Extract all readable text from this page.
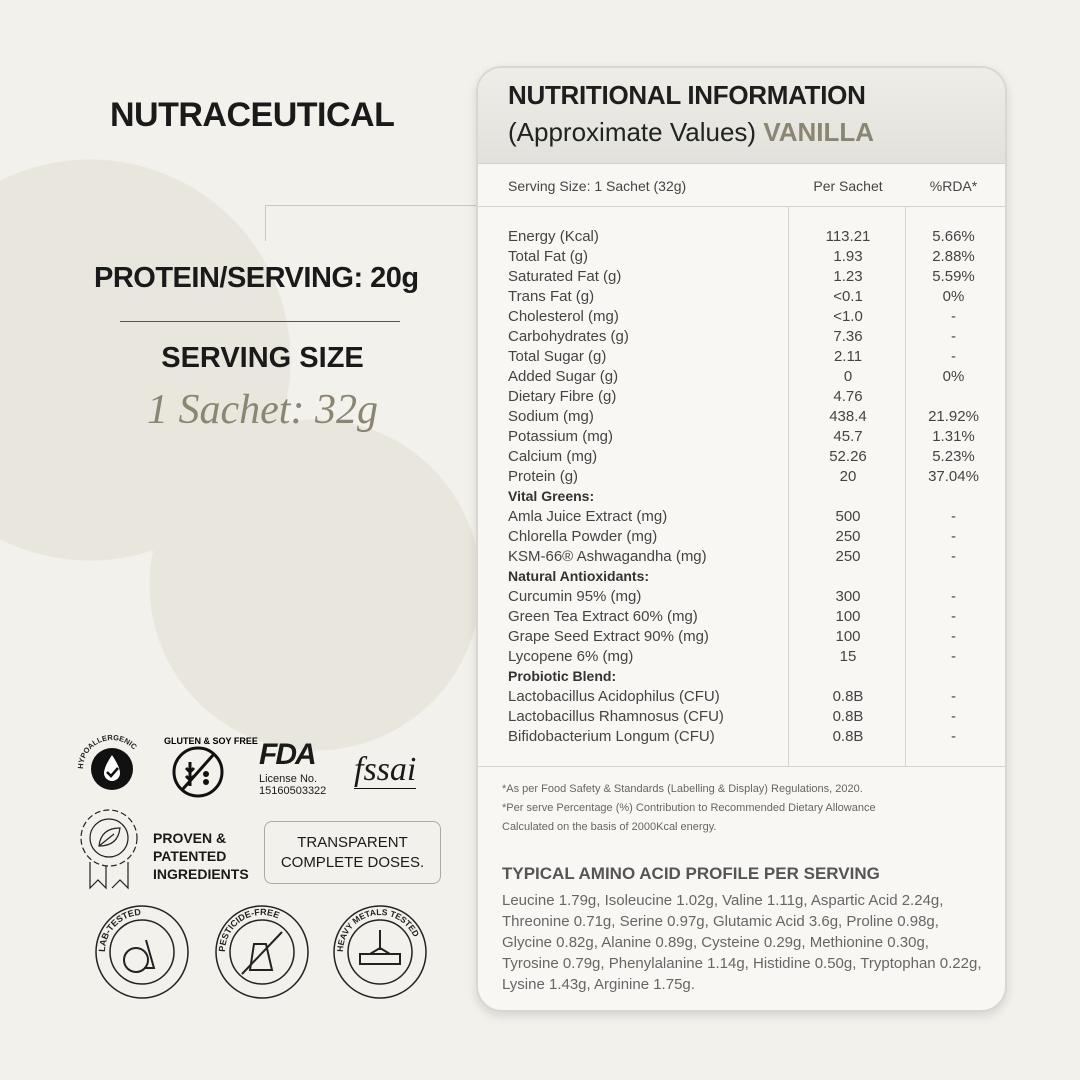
NUTRACEUTICAL
PROTEIN/SERVING: 20g
SERVING SIZE
1 Sachet: 32g
HYPOALLERGENIC	GLUTEN & SOY FREE FDA
License No.
15160503322
fssai
PROVEN & PATENTED INGREDIENTS
TRANSPARENT COMPLETE DOSES.
LAB-TESTED
PESTICIDE-FREE
HEAVY METALS TESTED
NUTRITIONAL INFORMATION
(Approximate Values) VANILLA
Serving Size: 1 Sachet (32g)	Per Sachet	%RDA*
Energy (Kcal)	113.21	5.66%
Total Fat (g)	1.93	2.88%
Saturated Fat (g)	1.23	5.59%
Trans Fat (g)	<0.1	0%
Cholesterol (mg)	<1.0	-
Carbohydrates (g)	7.36	-
Total Sugar (g)	2.11	-
Added Sugar (g)	0	0%
Dietary Fibre (g)	4.76
Sodium (mg)	438.4	21.92%
Potassium (mg)	45.7	1.31%
Calcium (mg)	52.26	5.23%
Protein (g)	20	37.04%
Vital Greens:
Amla Juice Extract (mg)	500	-
Chlorella Powder (mg)	250	-
KSM-66® Ashwagandha (mg)	250	-
Natural Antioxidants:
Curcumin 95% (mg)	300	-
Green Tea Extract 60% (mg)	100	-
Grape Seed Extract 90% (mg)	100	-
Lycopene 6% (mg)	15	-
Probiotic Blend:
Lactobacillus Acidophilus (CFU)	0.8B	-
Lactobacillus Rhamnosus (CFU)	0.8B	-
Bifidobacterium Longum (CFU)	0.8B	-
*As per Food Safety & Standards (Labelling & Display) Regulations, 2020.
*Per serve Percentage (%) Contribution to Recommended Dietary Allowance
Calculated on the basis of 2000Kcal energy.
TYPICAL AMINO ACID PROFILE PER SERVING
Leucine 1.79g, Isoleucine 1.02g, Valine 1.11g, Aspartic Acid 2.24g, Threonine 0.71g, Serine 0.97g, Glutamic Acid 3.6g, Proline 0.98g, Glycine 0.82g, Alanine 0.89g, Cysteine 0.29g, Methionine 0.30g, Tyrosine 0.79g, Phenylalanine 1.14g, Histidine 0.50g, Tryptophan 0.22g, Lysine 1.43g, Arginine 1.75g.
